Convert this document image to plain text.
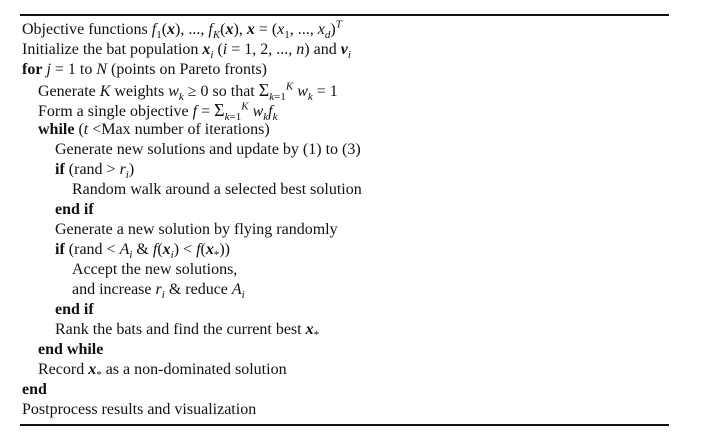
Objective functions $f_1(x)$, ..., $f_K(x)$, $x = (x_1$, ..., $x_d)^T$
Initialize the bat population $x_i$ (i = 1, 2, ..., n) and $v_i$
for j = 1 to N (points on Pareto fronts)
Generate K weights $w_k \ge 0$ so that $\Sigma_{k=1}^K$ $w_k = 1$
Form a single objective $f = \Sigma_{k=1}^K$ $w_kf_k$
while (t <Max number of iterations)
Generate new solutions and update by (1) to (3)
if (rand > $r_i$)
Random walk around a selected best solution
end if
Generate a new solution by flying randomly
if (rand < $A_i$ & $f(x_i) < f(x_*)$)
Accept the new solutions,
and increase $r_i$ & reduce $A_i$
end if
Rank the bats and find the current best $x_*$
end while
Record $x_*$ as a non-dominated solution
end
Postprocess results and visualization
